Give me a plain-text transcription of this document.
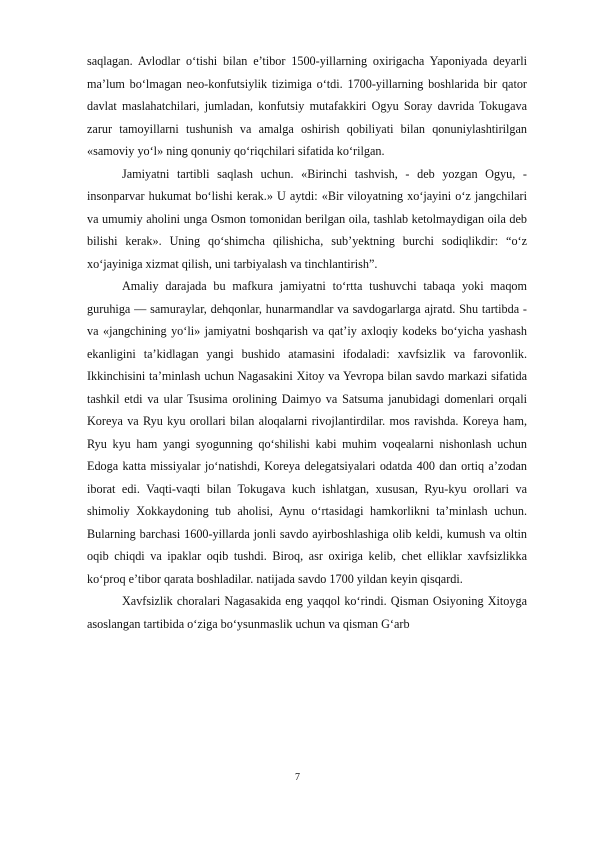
saqlagan. Avlodlar o‘tishi bilan e’tibor 1500-yillarning oxirigacha Yaponiyada deyarli ma’lum bo‘lmagan neo-konfutsiylik tizimiga o‘tdi. 1700-yillarning boshlarida bir qator davlat maslahatchilari, jumladan, konfutsiy mutafakkiri Ogyu Soray davrida Tokugava zarur tamoyillarni tushunish va amalga oshirish qobiliyati bilan qonuniylashtirilgan «samoviy yo‘l» ning qonuniy qo‘riqchilari sifatida ko‘rilgan.

Jamiyatni tartibli saqlash uchun. «Birinchi tashvish, - deb yozgan Ogyu, - insonparvar hukumat bo‘lishi kerak.» U aytdi: «Bir viloyatning xo‘jayini o‘z jangchilari va umumiy aholini unga Osmon tomonidan berilgan oila, tashlab ketolmaydigan oila deb bilishi kerak». Uning qo‘shimcha qilishicha, sub’yektning burchi sodiqlikdir: “o‘z xo‘jayiniga xizmat qilish, uni tarbiyalash va tinchlantirish”.

Amaliy darajada bu mafkura jamiyatni to‘rtta tushuvchi tabaqa yoki maqom guruhiga — samuraylar, dehqonlar, hunarmandlar va savdogarlarga ajratd. Shu tartibda - va «jangchining yo‘li» jamiyatni boshqarish va qat’iy axloqiy kodeks bo‘yicha yashash ekanligini ta’kidlagan yangi bushido atamasini ifodaladi: xavfsizlik va farovonlik. Ikkinchisini ta’minlash uchun Nagasakini Xitoy va Yevropa bilan savdo markazi sifatida tashkil etdi va ular Tsusima orolining Daimyo va Satsuma janubidagi domenlari orqali Koreya va Ryu kyu orollari bilan aloqalarni rivojlantirdilar. mos ravishda. Koreya ham, Ryu kyu ham yangi syogunning qo‘shilishi kabi muhim voqealarni nishonlash uchun Edoga katta missiyalar jo‘natishdi, Koreya delegatsiyalari odatda 400 dan ortiq a’zodan iborat edi. Vaqti-vaqti bilan Tokugava kuch ishlatgan, xususan, Ryu-kyu orollari va shimoliy Xokkaydoning tub aholisi, Aynu o‘rtasidagi hamkorlikni ta’minlash uchun. Bularning barchasi 1600-yillarda jonli savdo ayirboshlashiga olib keldi, kumush va oltin oqib chiqdi va ipaklar oqib tushdi. Biroq, asr oxiriga kelib, chet elliklar xavfsizlikka ko‘proq e’tibor qarata boshladilar. natijada savdo 1700 yildan keyin qisqardi.

Xavfsizlik choralari Nagasakida eng yaqqol ko‘rindi. Qisman Osiyoning Xitoyga asoslangan tartibida o‘ziga bo‘ysunmaslik uchun va qisman G‘arb

7
